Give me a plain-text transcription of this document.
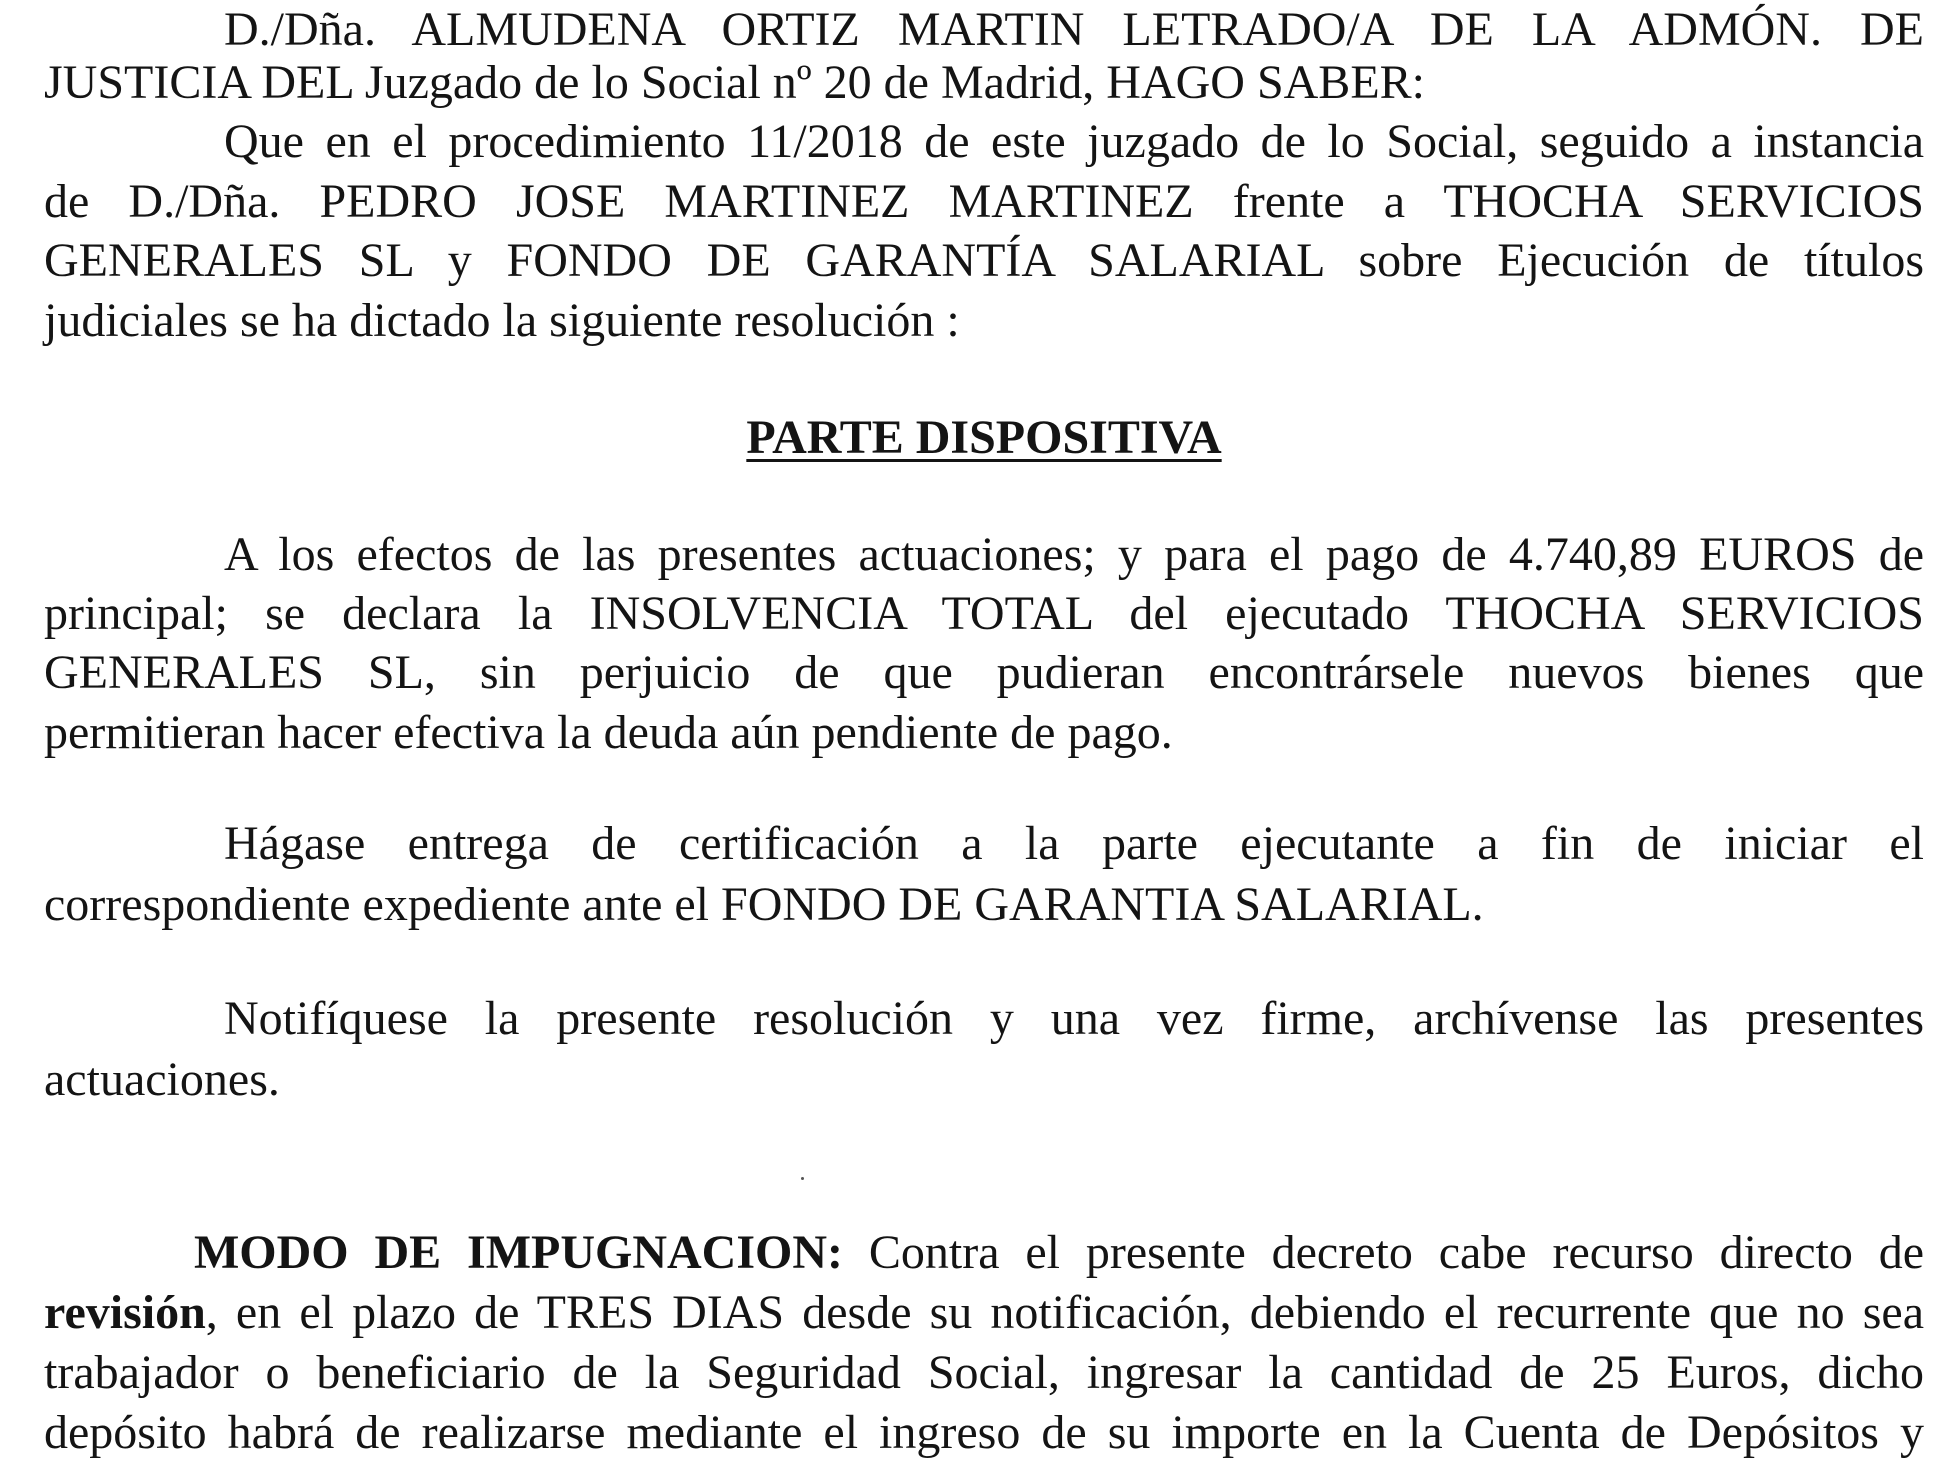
D./Dña. ALMUDENA ORTIZ MARTIN LETRADO/A DE LA ADMÓN. DE
JUSTICIA DEL Juzgado de lo Social nº 20 de Madrid, HAGO SABER:
Que en el procedimiento 11/2018 de este juzgado de lo Social, seguido a instancia
de D./Dña. PEDRO JOSE MARTINEZ MARTINEZ frente a THOCHA SERVICIOS
GENERALES SL y FONDO DE GARANTÍA SALARIAL sobre Ejecución de títulos
judiciales se ha dictado la siguiente resolución :
PARTE DISPOSITIVA
A los efectos de las presentes actuaciones; y para el pago de 4.740,89 EUROS de
principal; se declara la INSOLVENCIA TOTAL del ejecutado THOCHA SERVICIOS
GENERALES SL, sin perjuicio de que pudieran encontrársele nuevos bienes que
permitieran hacer efectiva la deuda aún pendiente de pago.
Hágase entrega de certificación a la parte ejecutante a fin de iniciar el
correspondiente expediente ante el FONDO DE GARANTIA SALARIAL.
Notifíquese la presente resolución y una vez firme, archívense las presentes
actuaciones.
MODO DE IMPUGNACION: Contra el presente decreto cabe recurso directo de
revisión, en el plazo de TRES DIAS desde su notificación, debiendo el recurrente que no sea
trabajador o beneficiario de la Seguridad Social, ingresar la cantidad de 25 Euros, dicho
depósito habrá de realizarse mediante el ingreso de su importe en la Cuenta de Depósitos y
